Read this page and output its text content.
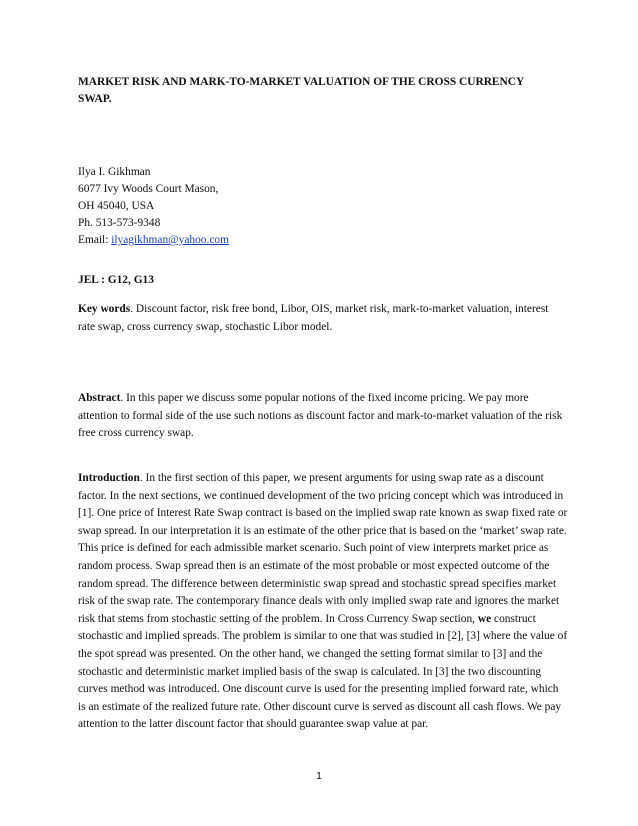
MARKET RISK AND MARK-TO-MARKET VALUATION OF THE CROSS CURRENCY SWAP.
Ilya I. Gikhman
6077 Ivy Woods Court Mason,
OH 45040, USA
Ph. 513-573-9348
Email: ilyagikhman@yahoo.com
JEL : G12, G13

Key words. Discount factor, risk free bond, Libor, OIS, market risk, mark-to-market valuation, interest rate swap, cross currency swap, stochastic Libor model.

Abstract. In this paper we discuss some popular notions of the fixed income pricing. We pay more attention to formal side of the use such notions as discount factor and mark-to-market valuation of the risk free cross currency swap.

Introduction. In the first section of this paper, we present arguments for using swap rate as a discount factor. In the next sections, we continued development of the two pricing concept which was introduced in [1]. One price of Interest Rate Swap contract is based on the implied swap rate known as swap fixed rate or swap spread. In our interpretation it is an estimate of the other price that is based on the ‘market’ swap rate. This price is defined for each admissible market scenario. Such point of view interprets market price as random process. Swap spread then is an estimate of the most probable or most expected outcome of the random spread. The difference between deterministic swap spread and stochastic spread specifies market risk of the swap rate. The contemporary finance deals with only implied swap rate and ignores the market risk that stems from stochastic setting of the problem. In Cross Currency Swap section, we construct stochastic and implied spreads. The problem is similar to one that was studied in [2], [3] where the value of the spot spread was presented. On the other hand, we changed the setting format similar to [3] and the stochastic and deterministic market implied basis of the swap is calculated. In [3] the two discounting curves method was introduced. One discount curve is used for the presenting implied forward rate, which is an estimate of the realized future rate. Other discount curve is served as discount all cash flows. We pay attention to the latter discount factor that should guarantee swap value at par.

1
